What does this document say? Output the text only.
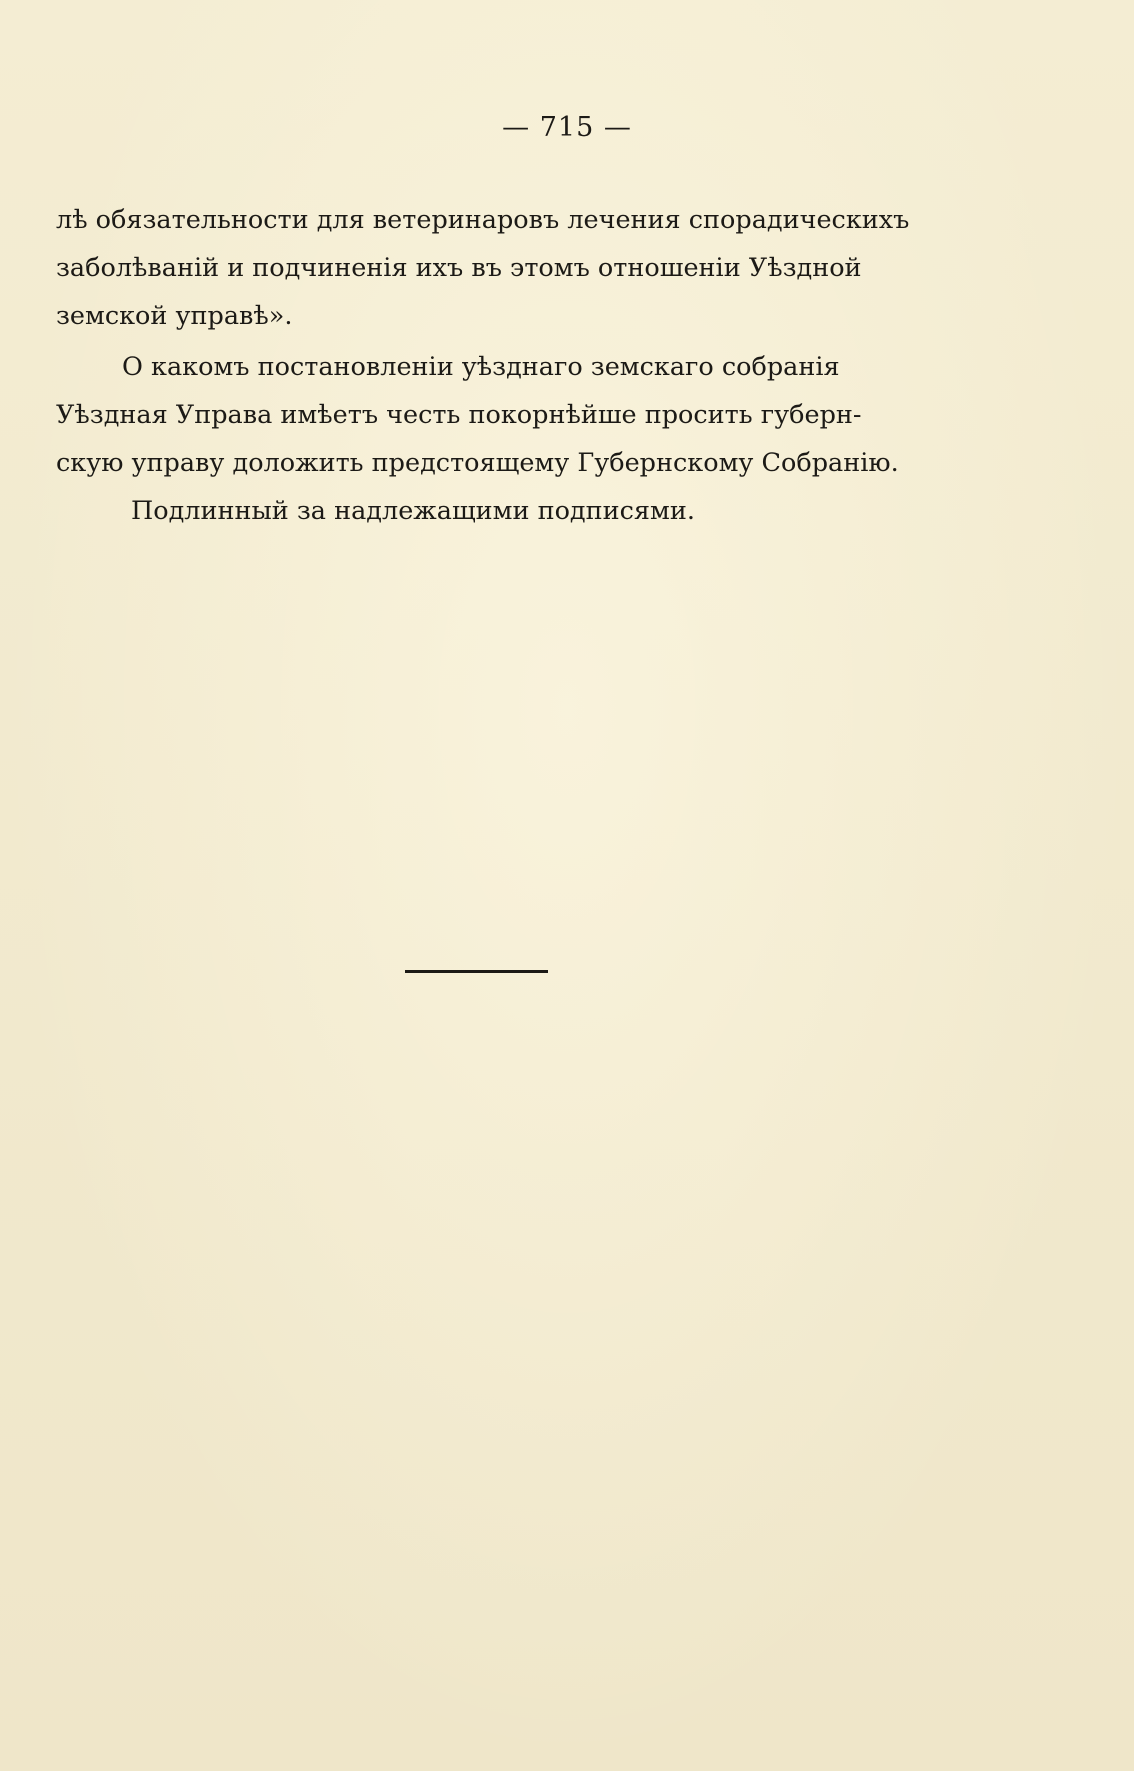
— 715 —
лѣ обязательности для ветеринаровъ лечения спорадическихъ
заболѣваній и подчиненія ихъ въ этомъ отношеніи Уѣздной
земской управѣ».
О какомъ постановленіи уѣзднаго земскаго собранія
Уѣздная Управа имѣетъ честь покорнѣйше просить губерн-
скую управу доложить предстоящему Губернскому Собранію.
Подлинный за надлежащими подписями.
